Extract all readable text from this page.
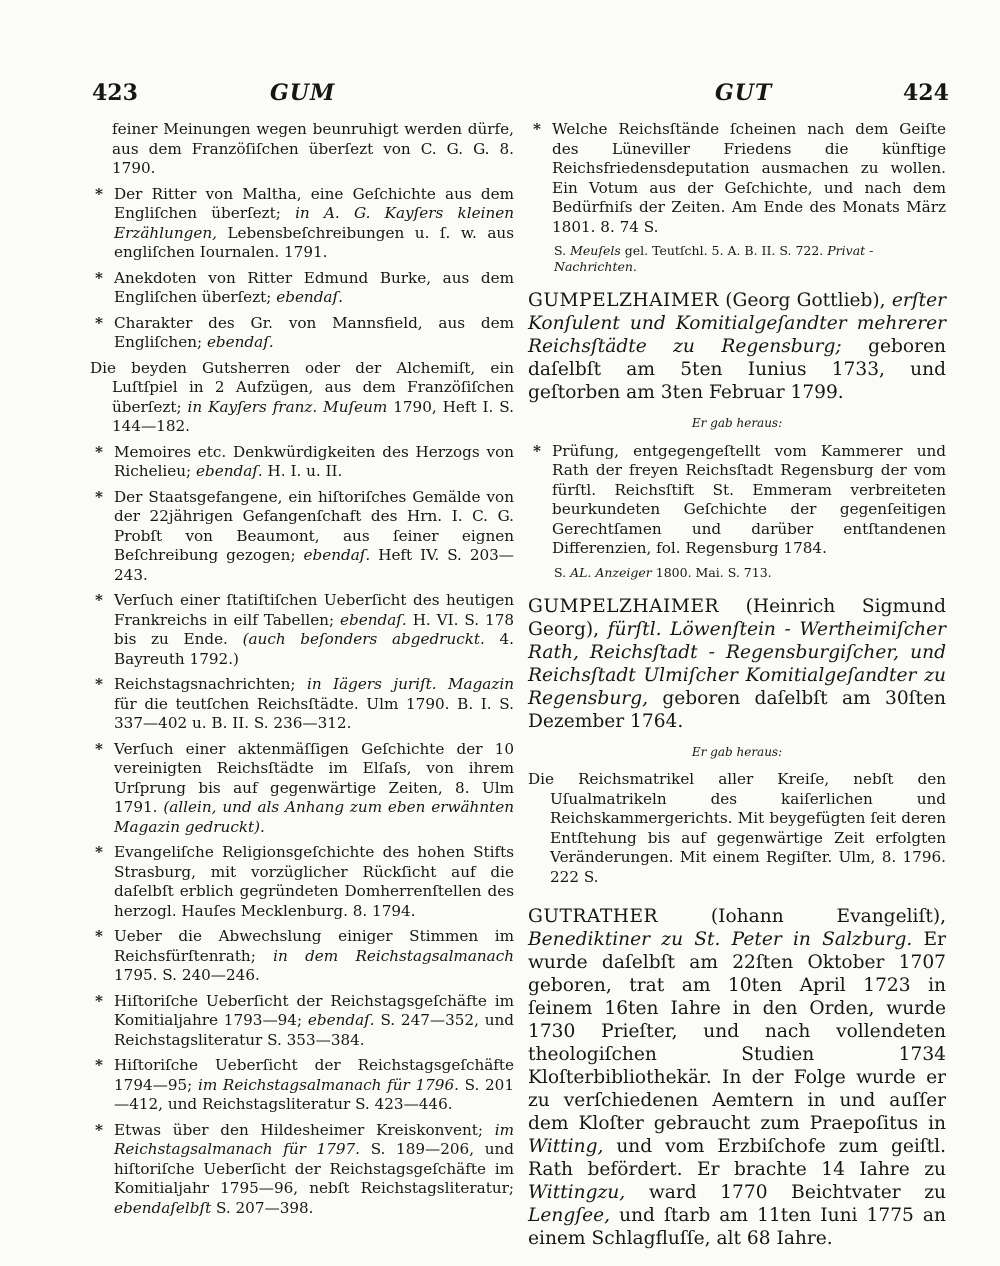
423	GUM	GUT	424

feiner Meinungen wegen beunruhigt werden dürfe, aus dem Franzöſiſchen überſezt von C. G. G. 8. 1790.

* Der Ritter von Maltha, eine Geſchichte aus dem Engliſchen überſezt; in A. G. Kayſers kleinen Erzählungen, Lebensbeſchreibungen u. ſ. w. aus engliſchen Iournalen. 1791.

* Anekdoten von Ritter Edmund Burke, aus dem Engliſchen überſezt; ebendaſ.

* Charakter des Gr. von Mannsfield, aus dem Engliſchen; ebendaſ.

Die beyden Gutsherren oder der Alchemiſt, ein Luſtſpiel in 2 Aufzügen, aus dem Franzöſiſchen überſezt; in Kayſers franz. Muſeum 1790, Heft I. S. 144—182.

* Memoires etc. Denkwürdigkeiten des Herzogs von Richelieu; ebendaſ. H. I. u. II.

* Der Staatsgefangene, ein hiſtoriſches Gemälde von der 22jährigen Gefangenſchaft des Hrn. I. C. G. Probſt von Beaumont, aus ſeiner eignen Beſchreibung gezogen; ebendaſ. Heft IV. S. 203—243.

* Verſuch einer ſtatiſtiſchen Ueberſicht des heutigen Frankreichs in eilf Tabellen; ebendaſ. H. VI. S. 178 bis zu Ende. (auch beſonders abgedruckt. 4. Bayreuth 1792.)

* Reichstagsnachrichten; in Iägers juriſt. Magazin für die teutſchen Reichsſtädte. Ulm 1790. B. I. S. 337—402 u. B. II. S. 236—312.

* Verſuch einer aktenmäſſigen Geſchichte der 10 vereinigten Reichsſtädte im Elſaſs, von ihrem Urſprung bis auf gegenwärtige Zeiten, 8. Ulm 1791. (allein, und als Anhang zum eben erwähnten Magazin gedruckt).

* Evangeliſche Religionsgeſchichte des hohen Stifts Strasburg, mit vorzüglicher Rückſicht auf die daſelbſt erblich gegründeten Domherrenſtellen des herzogl. Hauſes Mecklenburg. 8. 1794.

* Ueber die Abwechslung einiger Stimmen im Reichsfürſtenrath; in dem Reichstagsalmanach 1795. S. 240—246.

* Hiſtoriſche Ueberſicht der Reichstagsgeſchäfte im Komitialjahre 1793—94; ebendaſ. S. 247—352, und Reichstagsliteratur S. 353—384.

* Hiſtoriſche Ueberſicht der Reichstagsgeſchäfte 1794—95; im Reichstagsalmanach für 1796. S. 201—412, und Reichstagsliteratur S. 423—446.

* Etwas über den Hildesheimer Kreiskonvent; im Reichstagsalmanach für 1797. S. 189—206, und hiſtoriſche Ueberſicht der Reichstagsgeſchäfte im Komitialjahr 1795—96, nebſt Reichstagsliteratur; ebendaſelbſt S. 207—398.

* Welche Reichsſtände ſcheinen nach dem Geiſte des Lüneviller Friedens die künftige Reichsfriedensdeputation ausmachen zu wollen. Ein Votum aus der Geſchichte, und nach dem Bedürfniſs der Zeiten. Am Ende des Monats März 1801. 8. 74 S.

S. Meuſels gel. Teutſchl. 5. A. B. II. S. 722. Privat - Nachrichten.

GUMPELZHAIMER (Georg Gottlieb), erſter Konſulent und Komitialgeſandter mehrerer Reichsſtädte zu Regensburg; geboren daſelbſt am 5ten Iunius 1733, und geſtorben am 3ten Februar 1799.

Er gab heraus:

* Prüfung, entgegengeſtellt vom Kammerer und Rath der freyen Reichsſtadt Regensburg der vom fürſtl. Reichsſtift St. Emmeram verbreiteten beurkundeten Geſchichte der gegenſeitigen Gerechtſamen und darüber entſtandenen Differenzien, fol. Regensburg 1784.

S. AL. Anzeiger 1800. Mai. S. 713.

GUMPELZHAIMER (Heinrich Sigmund Georg), fürſtl. Löwenſtein - Wertheimiſcher Rath, Reichsſtadt - Regensburgiſcher, und Reichsſtadt Ulmiſcher Komitialgeſandter zu Regensburg, geboren daſelbſt am 30ſten Dezember 1764.

Er gab heraus:

Die Reichsmatrikel aller Kreiſe, nebſt den Uſualmatrikeln des kaiſerlichen und Reichskammergerichts. Mit beygefügten ſeit deren Entſtehung bis auf gegenwärtige Zeit erfolgten Veränderungen. Mit einem Regiſter. Ulm, 8. 1796. 222 S.

GUTRATHER	(Iohann Evangeliſt), Benediktiner zu St. Peter in Salzburg. Er wurde daſelbſt am 22ſten Oktober 1707 geboren, trat am 10ten April 1723 in ſeinem 16ten Iahre in den Orden, wurde 1730 Prieſter, und nach vollendeten theologiſchen Studien 1734 Kloſterbibliothekär. In der Folge wurde er zu verſchiedenen Aemtern in und auſſer dem Kloſter gebraucht zum Praepoſitus in Witting, und vom Erzbiſchofe zum geiſtl. Rath befördert. Er brachte 14 Iahre zu Wittingzu, ward 1770 Beichtvater zu Lengſee, und ſtarb am 11ten Iuni 1775 an einem Schlagfluſſe, alt 68 Iahre.
